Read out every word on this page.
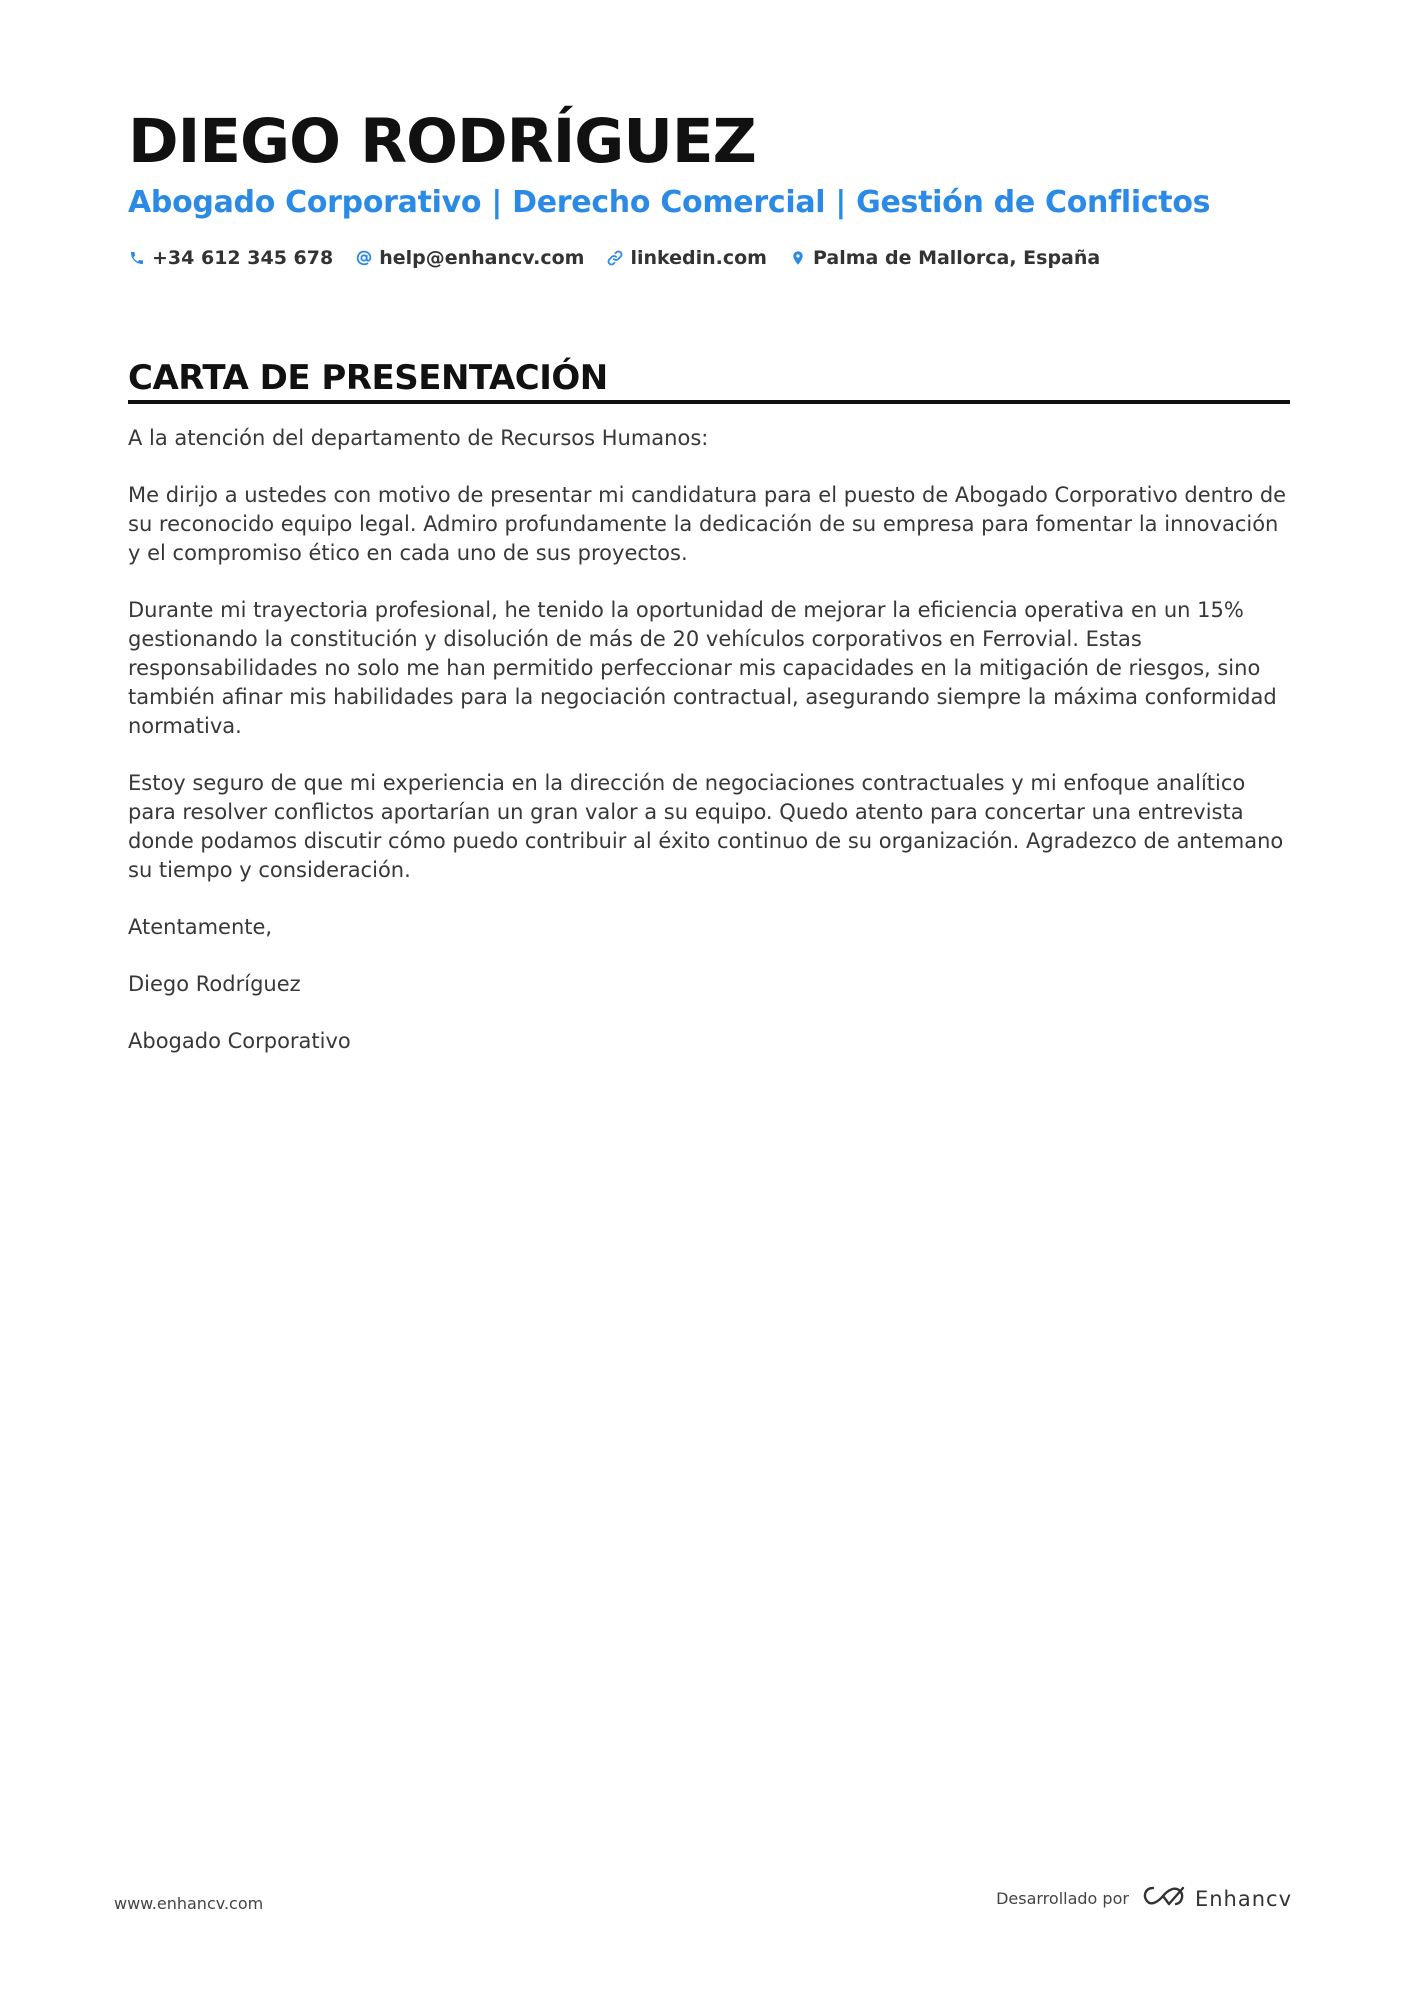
DIEGO RODRÍGUEZ
Abogado Corporativo | Derecho Comercial | Gestión de Conflictos
+34 612 345 678 help@enhancv.com linkedin.com Palma de Mallorca, España
CARTA DE PRESENTACIÓN

A la atención del departamento de Recursos Humanos:

Me dirijo a ustedes con motivo de presentar mi candidatura para el puesto de Abogado Corporativo dentro de su reconocido equipo legal. Admiro profundamente la dedicación de su empresa para fomentar la innovación y el compromiso ético en cada uno de sus proyectos.

Durante mi trayectoria profesional, he tenido la oportunidad de mejorar la eficiencia operativa en un 15% gestionando la constitución y disolución de más de 20 vehículos corporativos en Ferrovial. Estas responsabilidades no solo me han permitido perfeccionar mis capacidades en la mitigación de riesgos, sino también afinar mis habilidades para la negociación contractual, asegurando siempre la máxima conformidad normativa.

Estoy seguro de que mi experiencia en la dirección de negociaciones contractuales y mi enfoque analítico para resolver conflictos aportarían un gran valor a su equipo. Quedo atento para concertar una entrevista donde podamos discutir cómo puedo contribuir al éxito continuo de su organización. Agradezco de antemano su tiempo y consideración.

Atentamente,

Diego Rodríguez

Abogado Corporativo

www.enhancv.com	Desarrollado por	Enhancv
